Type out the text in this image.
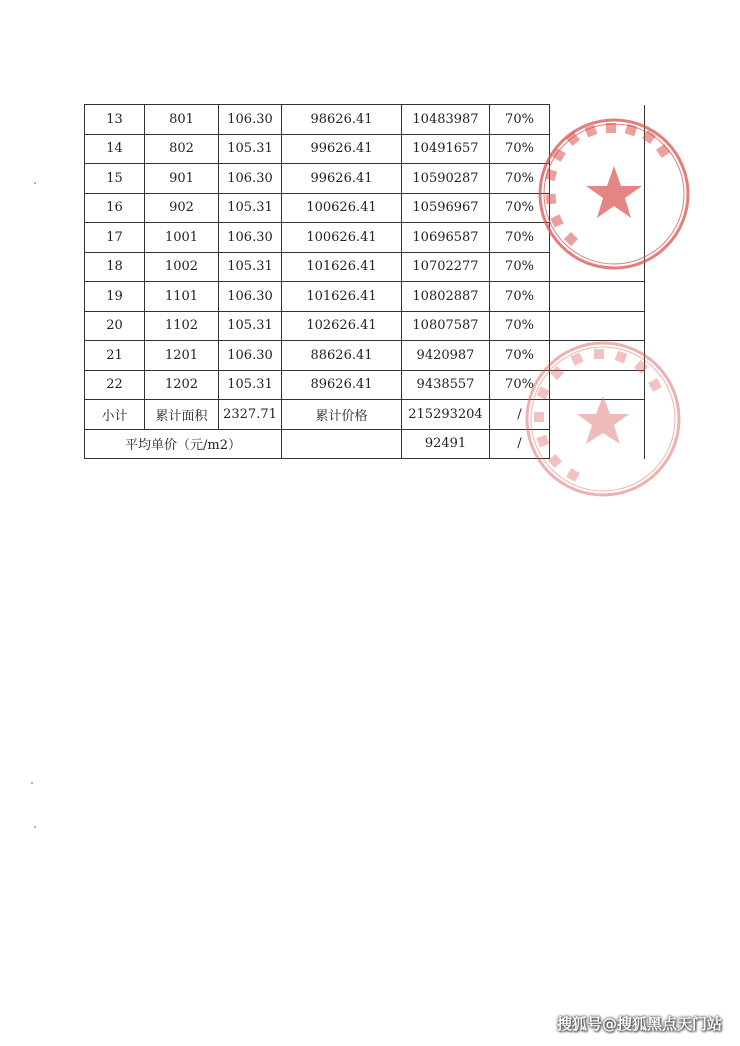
13	801	106.30	98626.41	10483987	70%	
14	802	105.31	99626.41	10491657	70%	
15	901	106.30	99626.41	10590287	70%	
16	902	105.31	100626.41	10596967	70%	
17	1001	106.30	100626.41	10696587	70%	
18	1002	105.31	101626.41	10702277	70%	
19	1101	106.30	101626.41	10802887	70%	
20	1102	105.31	102626.41	10807587	70%	
21	1201	106.30	88626.41	9420987	70%	
22	1202	105.31	89626.41	9438557	70%	
小计	累计面积	2327.71	累计价格	215293204	/	
平均单价（元/m2）				92491	/	
搜狐号@搜狐黑点天门站
